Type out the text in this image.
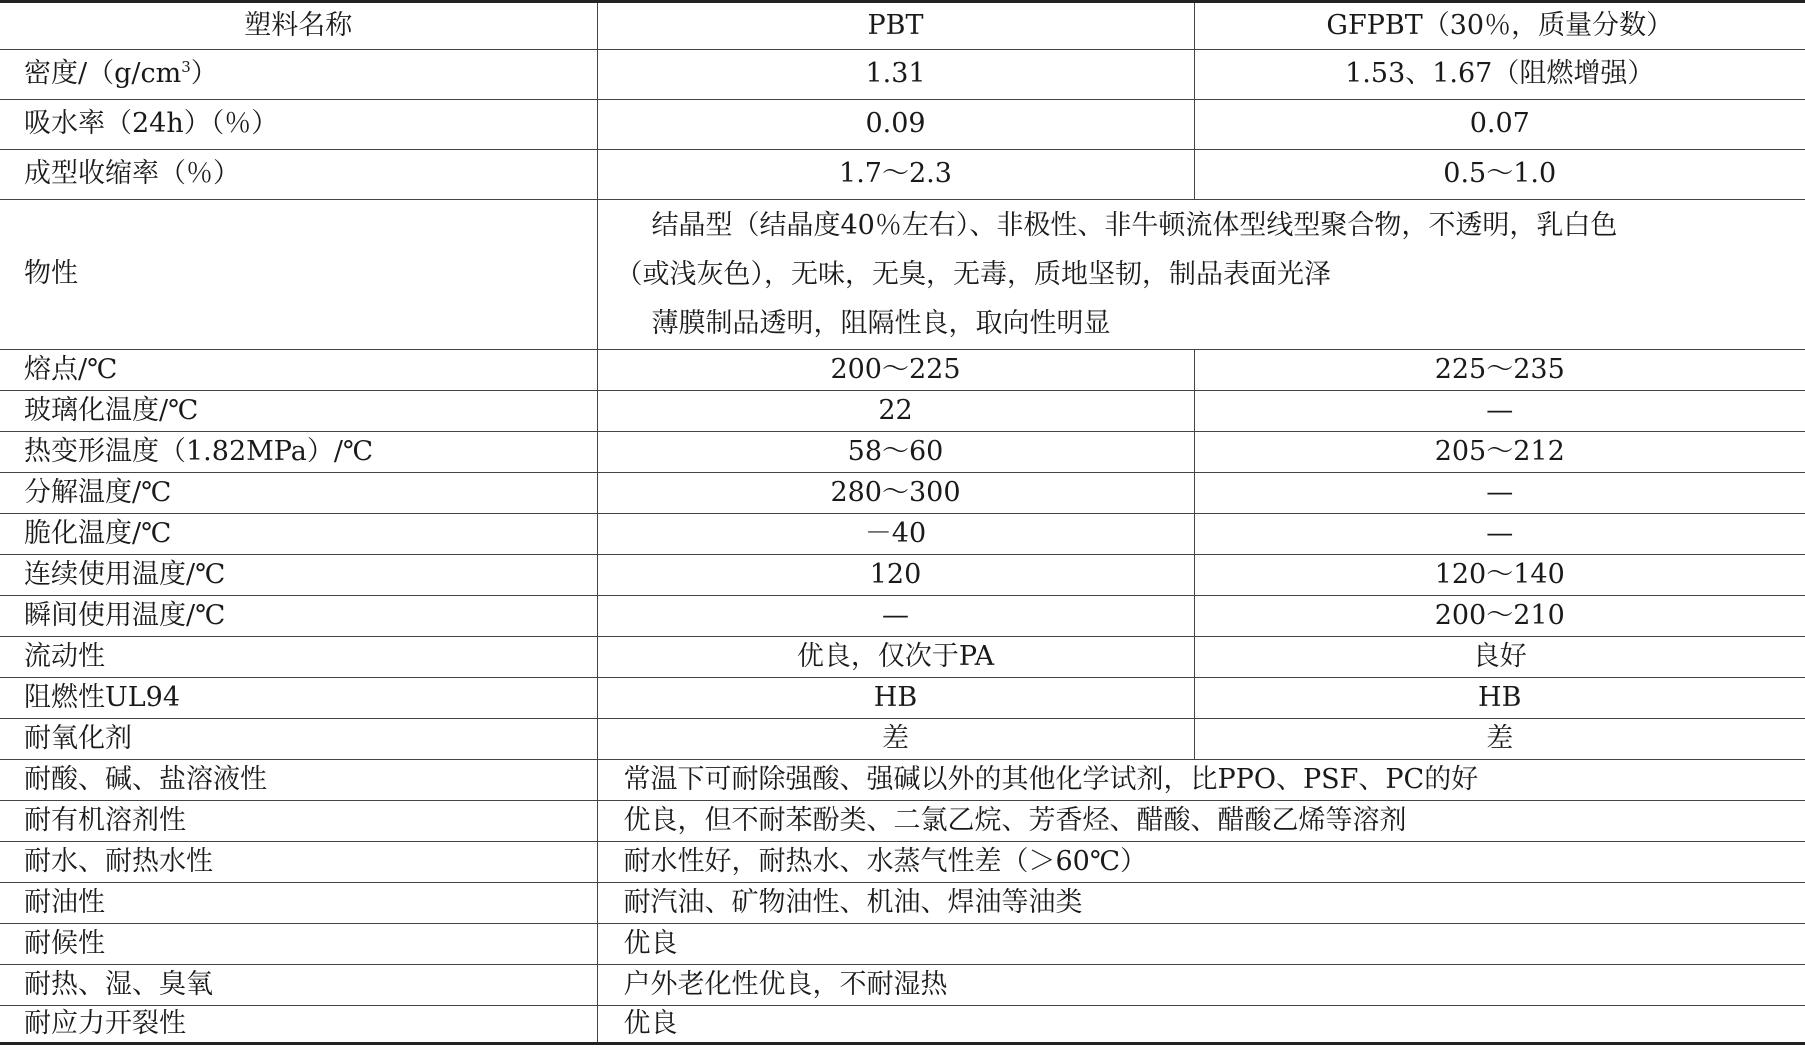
塑料名称	PBT	GFPBT（30％，质量分数）
密度$/(g/cm^3)$	1.31	1.53、1.67（阻燃增强）
吸水率（24h）（％）	0.09	0.07
成型收缩率（％）	1.7～2.3	0.5～1.0
物性	结晶型（结晶度40％左右）、非极性、非牛顿流体型线型聚合物，不透明，乳白色
（或浅灰色），无味，无臭，无毒，质地坚韧，制品表面光泽
薄膜制品透明，阻隔性良，取向性明显	

熔点/℃	200～225	225～235
玻璃化温度/℃	22	—
热变形温度（1.82MPa）/℃	58～60	205～212
分解温度/℃	280～300	—
脆化温度/℃	－40	—
连续使用温度/℃	120	120～140
瞬间使用温度/℃	—	200～210
流动性	优良，仅次于PA	良好
阻燃性UL94	HB	HB
耐氧化剂	差	差
耐酸、碱、盐溶液性	常温下可耐除强酸、强碱以外的其他化学试剂，比PPO、PSF、PC的好	
耐有机溶剂性	优良，但不耐苯酚类、二氯乙烷、芳香烃、醋酸、醋酸乙烯等溶剂	
耐水、耐热水性	耐水性好，耐热水、水蒸气性差（＞60℃）	
耐油性	耐汽油、矿物油性、机油、焊油等油类	
耐候性	优良	
耐热、湿、臭氧	户外老化性优良，不耐湿热	
耐应力开裂性	优良	
